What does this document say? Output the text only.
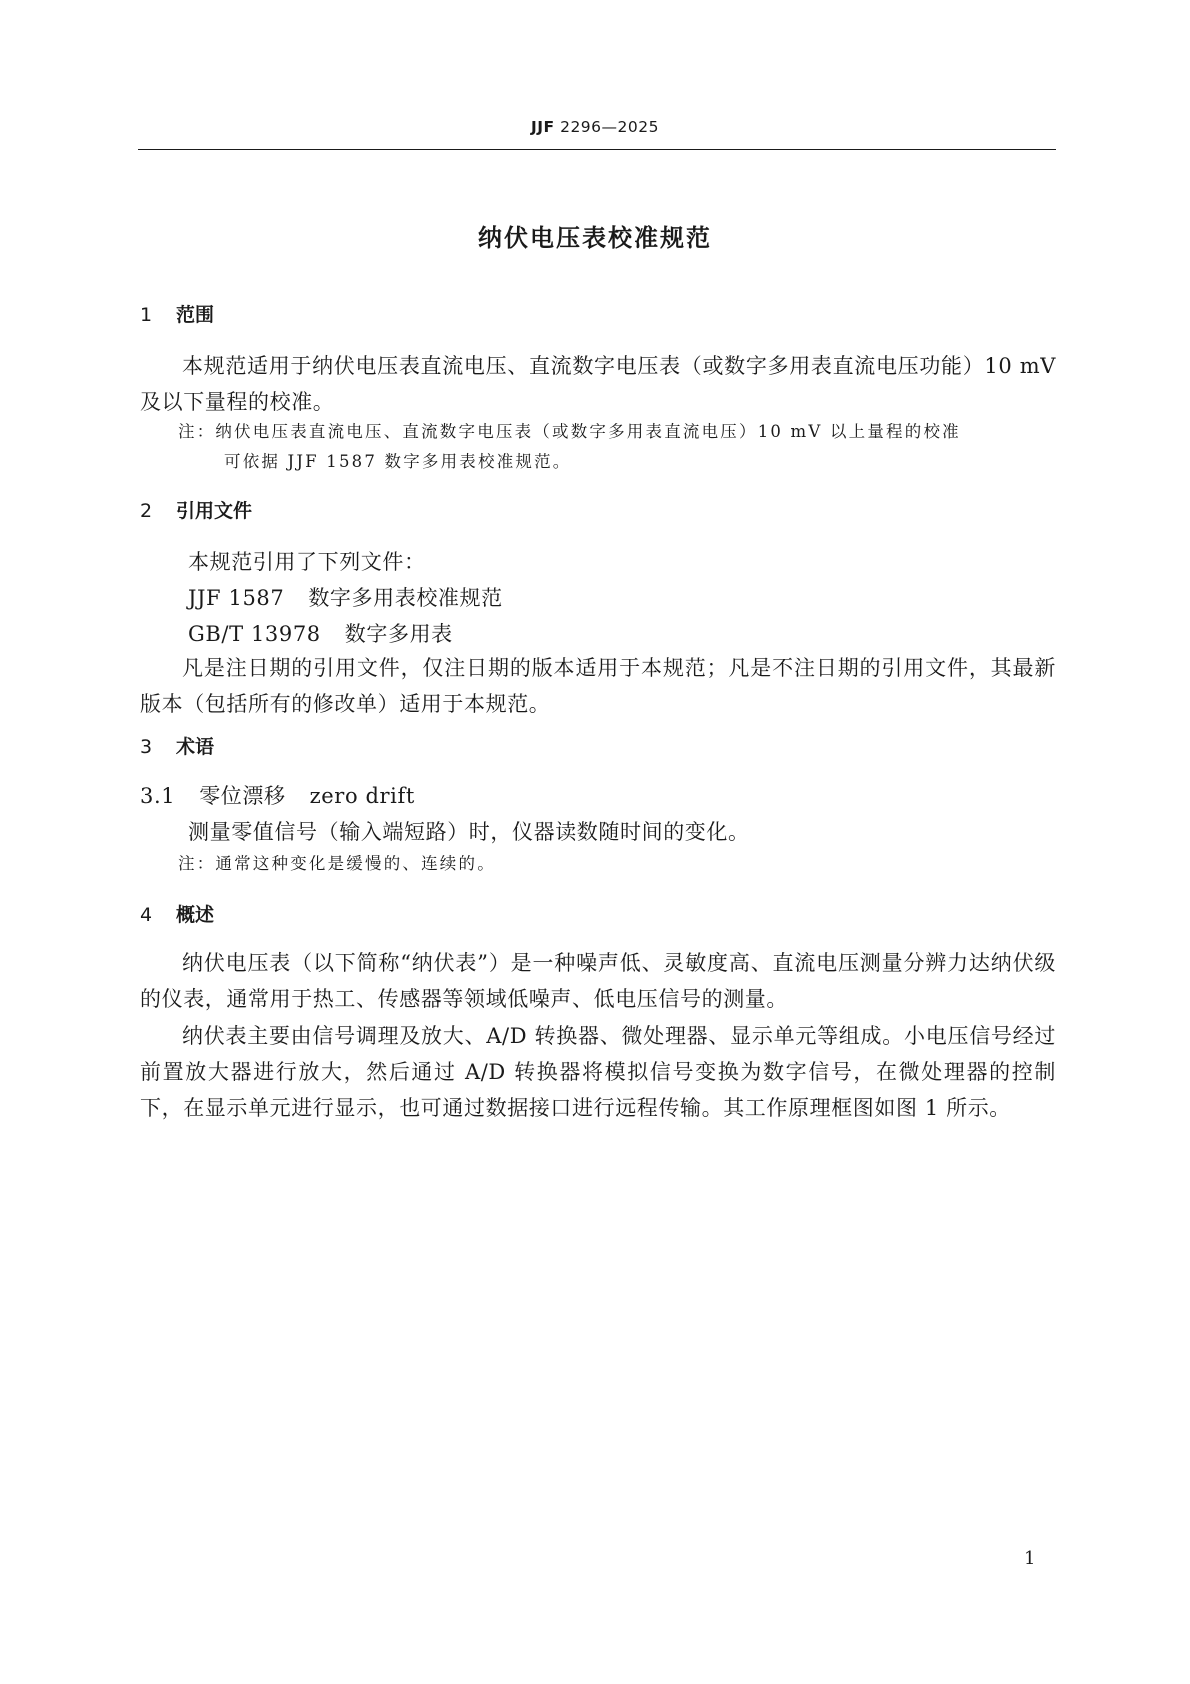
JJF 2296—2025
纳伏电压表校准规范
1 范围
本规范适用于纳伏电压表直流电压、直流数字电压表（或数字多用表直流电压功能）10 mV 及以下量程的校准。
注：纳伏电压表直流电压、直流数字电压表（或数字多用表直流电压）10 mV 以上量程的校准
可依据 JJF 1587 数字多用表校准规范。
2 引用文件
本规范引用了下列文件：
JJF 1587 数字多用表校准规范
GB/T 13978 数字多用表
凡是注日期的引用文件，仅注日期的版本适用于本规范；凡是不注日期的引用文件，其最新版本（包括所有的修改单）适用于本规范。
3 术语
3.1 零位漂移 zero drift
测量零值信号（输入端短路）时，仪器读数随时间的变化。
注：通常这种变化是缓慢的、连续的。
4 概述
纳伏电压表（以下简称“纳伏表”）是一种噪声低、灵敏度高、直流电压测量分辨力达纳伏级的仪表，通常用于热工、传感器等领域低噪声、低电压信号的测量。
纳伏表主要由信号调理及放大、A/D 转换器、微处理器、显示单元等组成。小电压信号经过前置放大器进行放大，然后通过 A/D 转换器将模拟信号变换为数字信号，在微处理器的控制下，在显示单元进行显示，也可通过数据接口进行远程传输。其工作原理框图如图 1 所示。
1
